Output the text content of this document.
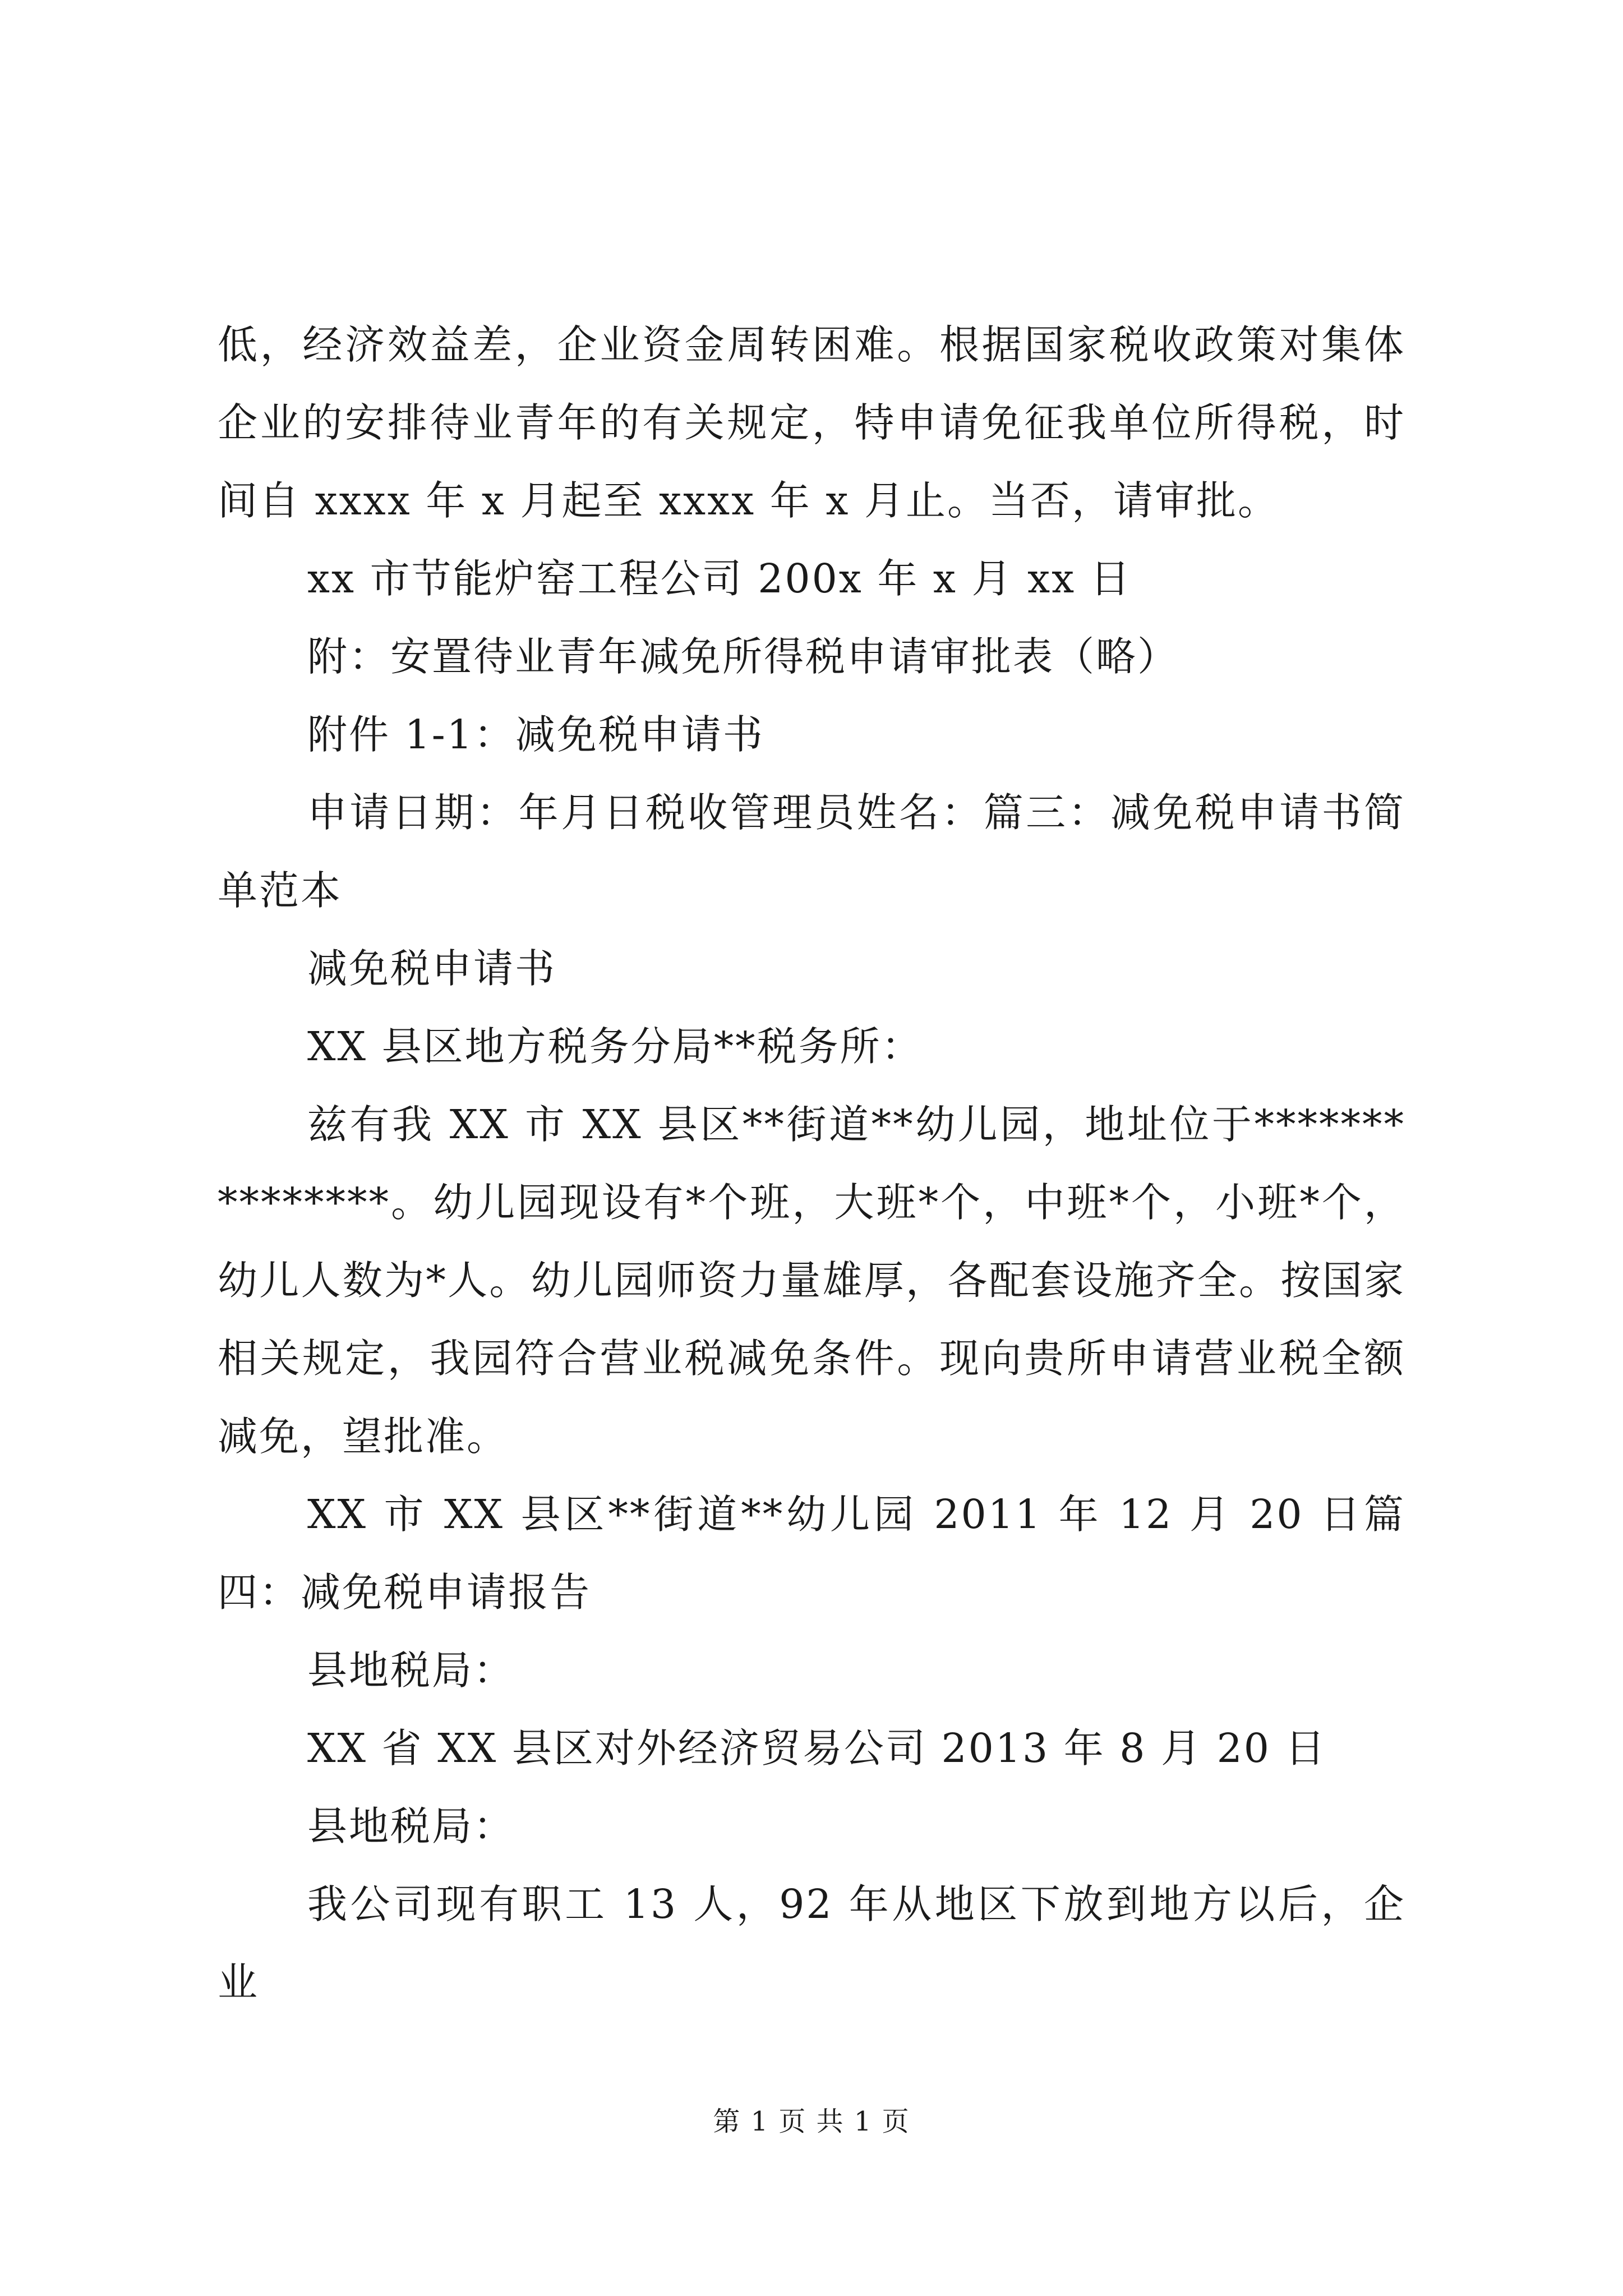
低，经济效益差，企业资金周转困难。根据国家税收政策对集体企业的安排待业青年的有关规定，特申请免征我单位所得税，时间自 xxxx 年 x 月起至 xxxx 年 x 月止。当否，请审批。

xx 市节能炉窑工程公司 200x 年 x 月 xx 日

附：安置待业青年减免所得税申请审批表（略）

附件 1-1：减免税申请书

申请日期：年月日税收管理员姓名：篇三：减免税申请书简单范本

减免税申请书

XX 县区地方税务分局**税务所：

兹有我 XX 市 XX 县区**街道**幼儿园，地址位于***************。幼儿园现设有*个班，大班*个，中班*个，小班*个，幼儿人数为*人。幼儿园师资力量雄厚，各配套设施齐全。按国家相关规定，我园符合营业税减免条件。现向贵所申请营业税全额减免，望批准。

XX 市 XX 县区**街道**幼儿园 2011 年 12 月 20 日篇四：减免税申请报告

县地税局：

XX 省 XX 县区对外经济贸易公司 2013 年 8 月 20 日

县地税局：

我公司现有职工 13 人，92 年从地区下放到地方以后，企业

第 1 页 共 1 页
